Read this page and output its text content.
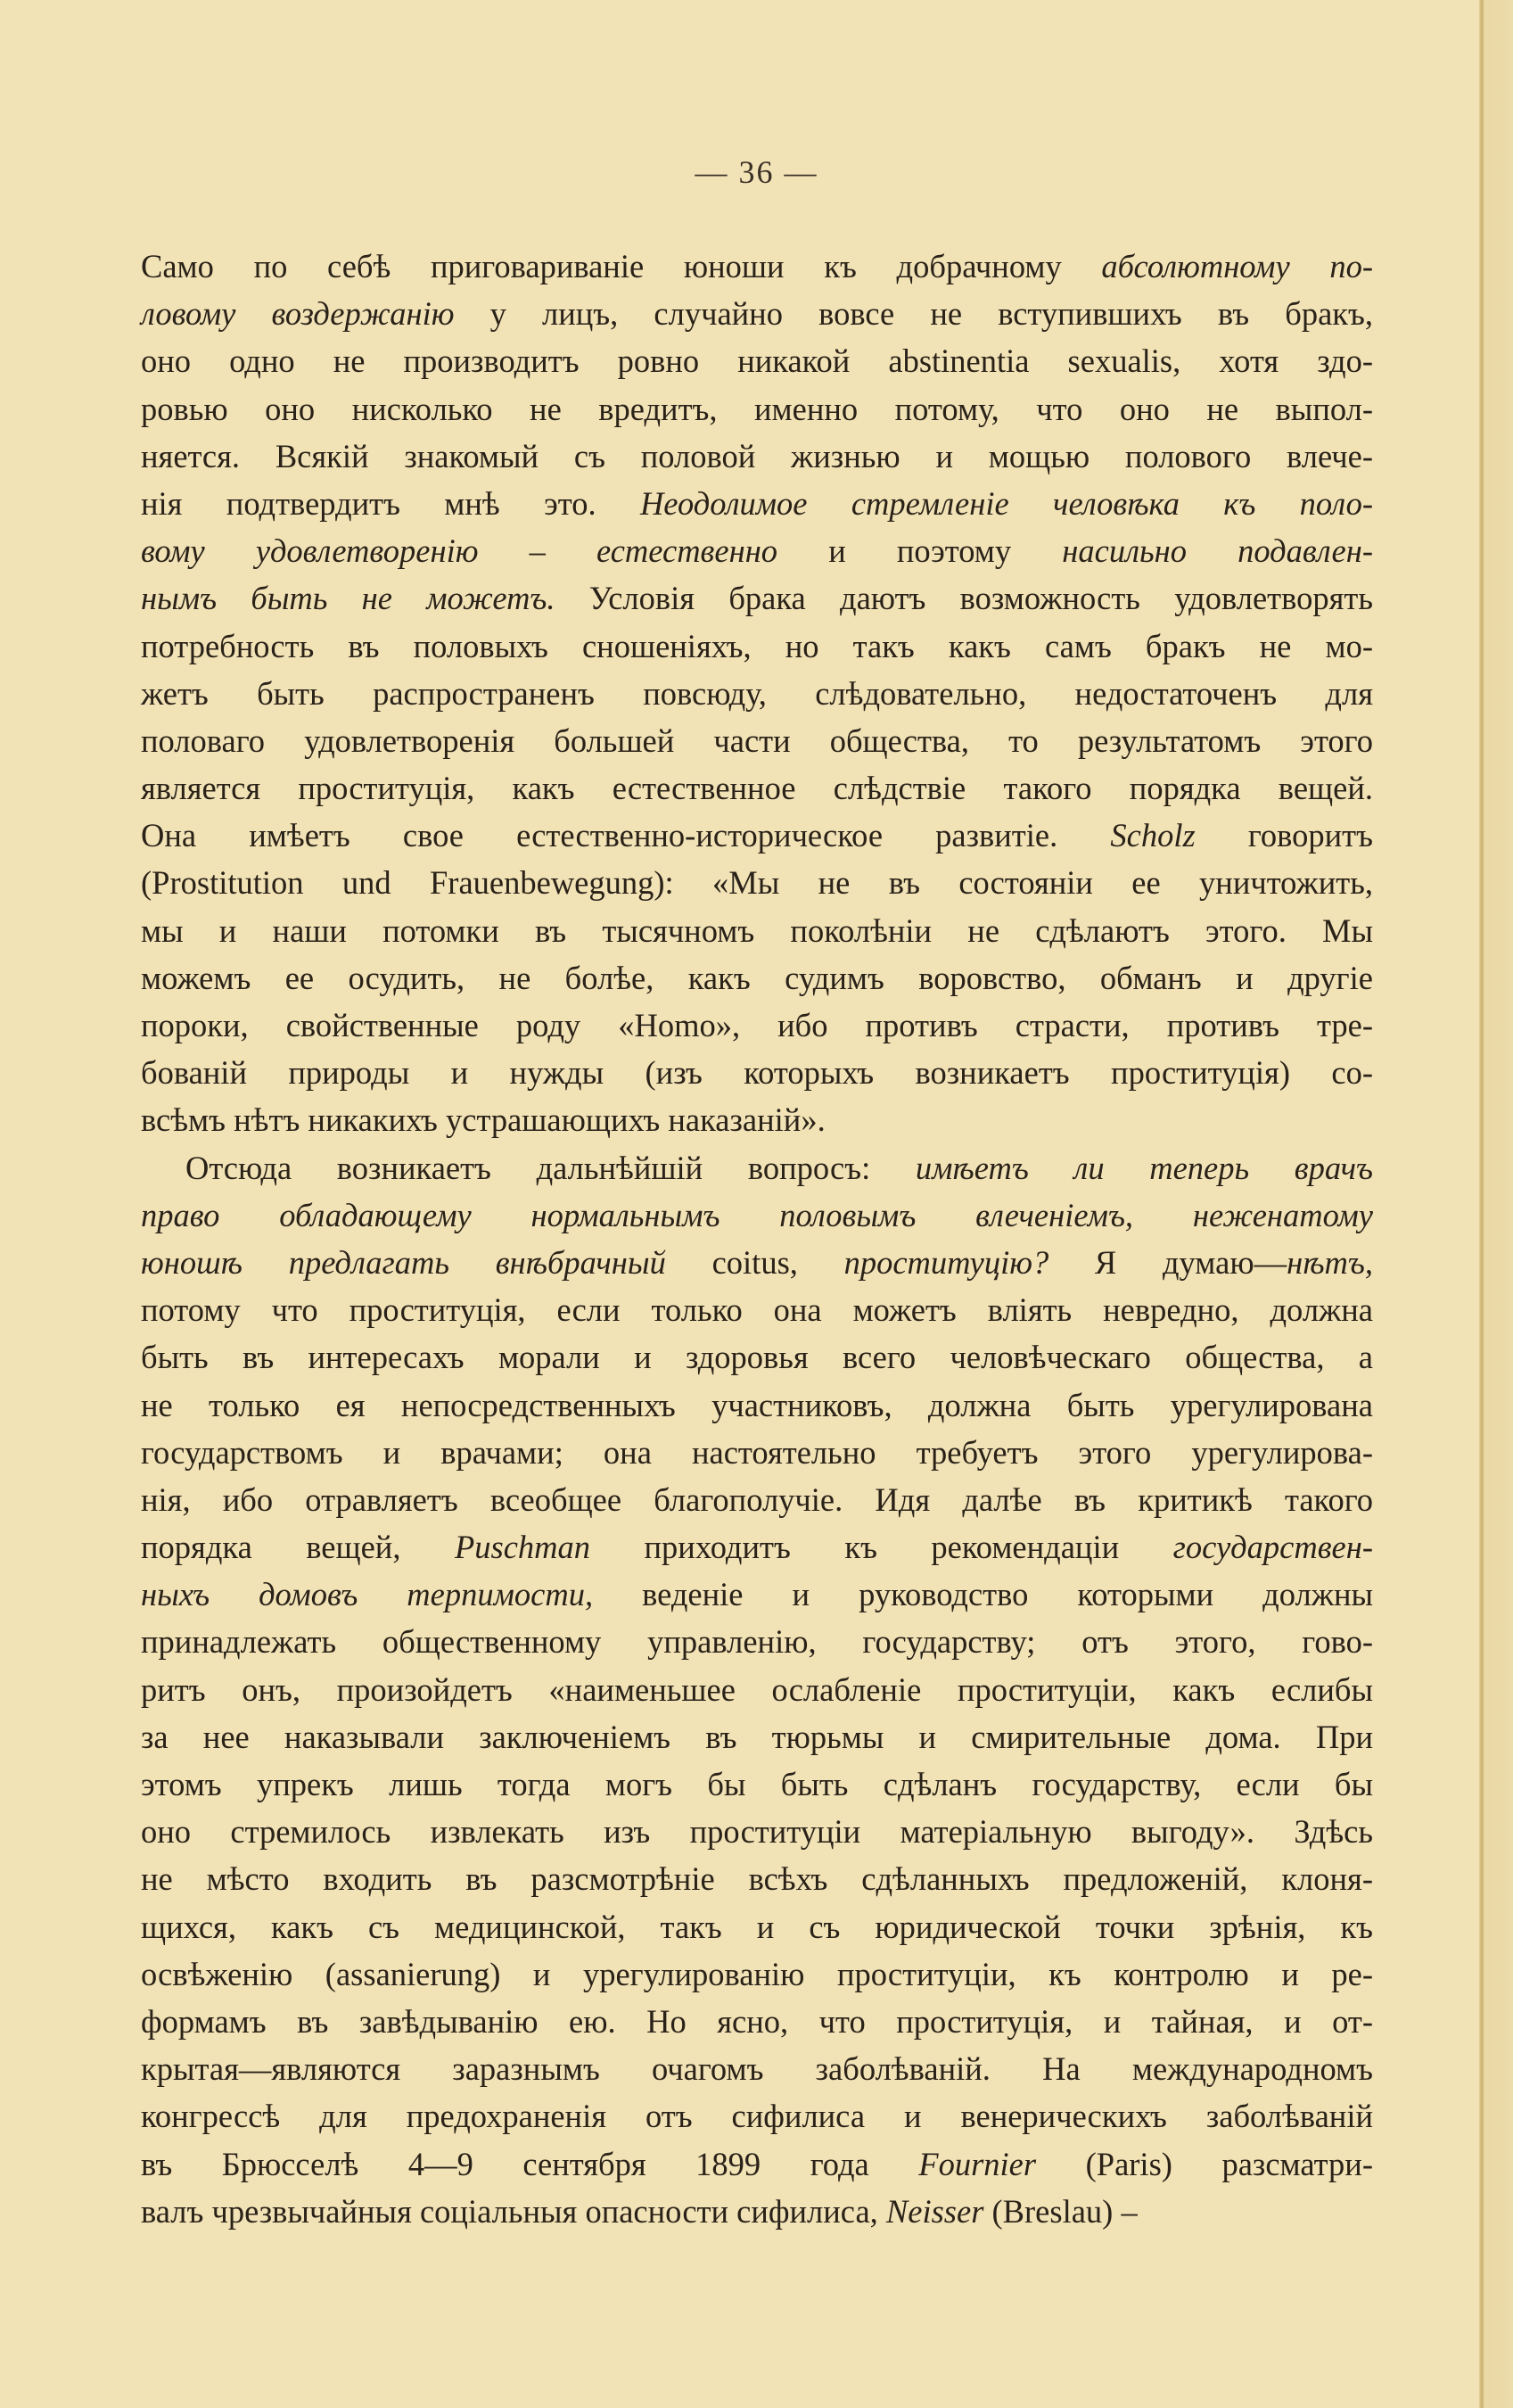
— 36 —
Само по себѣ приговариваніе юноши къ добрачному абсолютному по-
ловому воздержанію у лицъ, случайно вовсе не вступившихъ въ бракъ,
оно одно не производитъ ровно никакой abstinentia sexualis, хотя здо-
ровью оно нисколько не вредитъ, именно потому, что оно не выпол-
няется. Всякій знакомый съ половой жизнью и мощью полового влече-
нія подтвердитъ мнѣ это. Неодолимое стремленіе человѣка къ поло-
вому удовлетворенію – естественно и поэтому насильно подавлен-
нымъ быть не можетъ. Условія брака даютъ возможность удовлетворять
потребность въ половыхъ сношеніяхъ, но такъ какъ самъ бракъ не мо-
жетъ быть распространенъ повсюду, слѣдовательно, недостаточенъ для
половаго удовлетворенія большей части общества, то результатомъ этого
является проституція, какъ естественное слѣдствіе такого порядка вещей.
Она имѣетъ свое естественно-историческое развитіе. Scholz говоритъ
(Prostitution und Frauenbewegung): «Мы не въ состояніи ее уничтожить,
мы и наши потомки въ тысячномъ поколѣніи не сдѣлаютъ этого. Мы
можемъ ее осудить, не болѣе, какъ судимъ воровство, обманъ и другіе
пороки, свойственные роду «Homo», ибо противъ страсти, противъ тре-
бованій природы и нужды (изъ которыхъ возникаетъ проституція) со-
всѣмъ нѣтъ никакихъ устрашающихъ наказаній».
Отсюда возникаетъ дальнѣйшій вопросъ: имѣетъ ли теперь врачъ
право обладающему нормальнымъ половымъ влеченіемъ, неженатому
юношѣ предлагать внѣбрачный coitus, проституцію? Я думаю—нѣтъ,
потому что проституція, если только она можетъ вліять невредно, должна
быть въ интересахъ морали и здоровья всего человѣческаго общества, а
не только ея непосредственныхъ участниковъ, должна быть урегулирована
государствомъ и врачами; она настоятельно требуетъ этого урегулирова-
нія, ибо отравляетъ всеобщее благополучіе. Идя далѣе въ критикѣ такого
порядка вещей, Puschman приходитъ къ рекомендаціи государствен-
ныхъ домовъ терпимости, веденіе и руководство которыми должны
принадлежать общественному управленію, государству; отъ этого, гово-
ритъ онъ, произойдетъ «наименьшее ослабленіе проституціи, какъ еслибы
за нее наказывали заключеніемъ въ тюрьмы и смирительные дома. При
этомъ упрекъ лишь тогда могъ бы быть сдѣланъ государству, если бы
оно стремилось извлекать изъ проституціи матеріальную выгоду». Здѣсь
не мѣсто входить въ разсмотрѣніе всѣхъ сдѣланныхъ предложеній, клоня-
щихся, какъ съ медицинской, такъ и съ юридической точки зрѣнія, къ
освѣженію (assanierung) и урегулированію проституціи, къ контролю и ре-
формамъ въ завѣдыванію ею. Но ясно, что проституція, и тайная, и от-
крытая—являются заразнымъ очагомъ заболѣваній. На международномъ
конгрессѣ для предохраненія отъ сифилиса и венерическихъ заболѣваній
въ Брюсселѣ 4—9 сентября 1899 года Fournier (Paris) разсматри-
валъ чрезвычайныя соціальныя опасности сифилиса, Neisser (Breslau) –
